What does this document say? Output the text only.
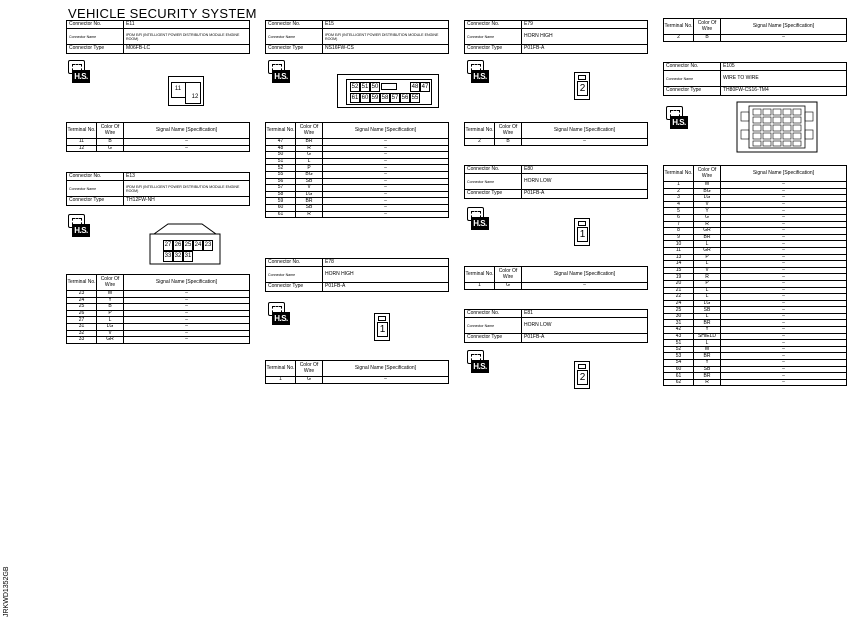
VEHICLE SECURITY SYSTEM
JRKWD1352GB
Connector No.	E11
Connector Name	IPDM E/R (INTELLIGENT POWER DISTRIBUTION MODULE ENGINE ROOM)
Connector Type	M06FB-LC
H.S.
11
12
Terminal No.	Color Of Wire	Signal Name [Specification]
11	B	–
12	G	–
Connector No.	E13
Connector Name	IPDM E/R (INTELLIGENT POWER DISTRIBUTION MODULE ENGINE ROOM)
Connector Type	TH12FW-NH
H.S.
27 26 25 24 23
33 32 31
Terminal No.	Color Of Wire	Signal Name [Specification]
23	W	–
24	Y	–
25	B	–
26	P	–
27	L	–
31	LG	–
32	V	–
33	GR	–
Connector No.	E15
Connector Name	IPDM E/R (INTELLIGENT POWER DISTRIBUTION MODULE ENGINE ROOM)
Connector Type	NS16FW-CS
H.S.
52 51 50	48 47
61 60 59 58 57 56 55
Terminal No.	Color Of Wire	Signal Name [Specification]
47	BR	–
48	R	–
50	G	–
51	L	–
52	P	–
55	BG	–
56	SB	–
57	V	–
58	LG	–
59	BR	–
60	SB	–
61	R	–
Connector No.	E78
Connector Name	HORN HIGH
Connector Type	P01FB-A
H.S.
1
Terminal No.	Color Of Wire	Signal Name [Specification]
1	G	–
Connector No.	E79
Connector Name	HORN HIGH
Connector Type	P01FB-A
H.S.
2
Terminal No.	Color Of Wire	Signal Name [Specification]
2	B	–
Connector No.	E80
Connector Name	HORN LOW
Connector Type	P01FB-A
H.S.
1
Terminal No.	Color Of Wire	Signal Name [Specification]
1	G	–
Connector No.	E81
Connector Name	HORN LOW
Connector Type	P01FB-A
H.S.
2
Terminal No.	Color Of Wire	Signal Name [Specification]
2	B	–
Connector No.	E105
Connector Name	WIRE TO WIRE
Connector Type	TH80FW-CS16-TM4
H.S.
Terminal No.	Color Of Wire	Signal Name [Specification]
1	W	–
2	BG	–
3	LG	–
4	V	–
5	Y	–
6	G	–
7	R	–
8	GR	–
9	BR	–
10	L	–
11	GR	–
13	P	–
14	L	–
15	V	–
19	R	–
20	P	–
21	L	–
22	L	–
24	LG	–
25	SB	–
30	L	–
31	BR	–
42	Y	–
43	SHIELD	–
51	L	–
52	W	–
53	BR	–
54	Y	–
60	SB	–
61	BR	–
62	R	–
